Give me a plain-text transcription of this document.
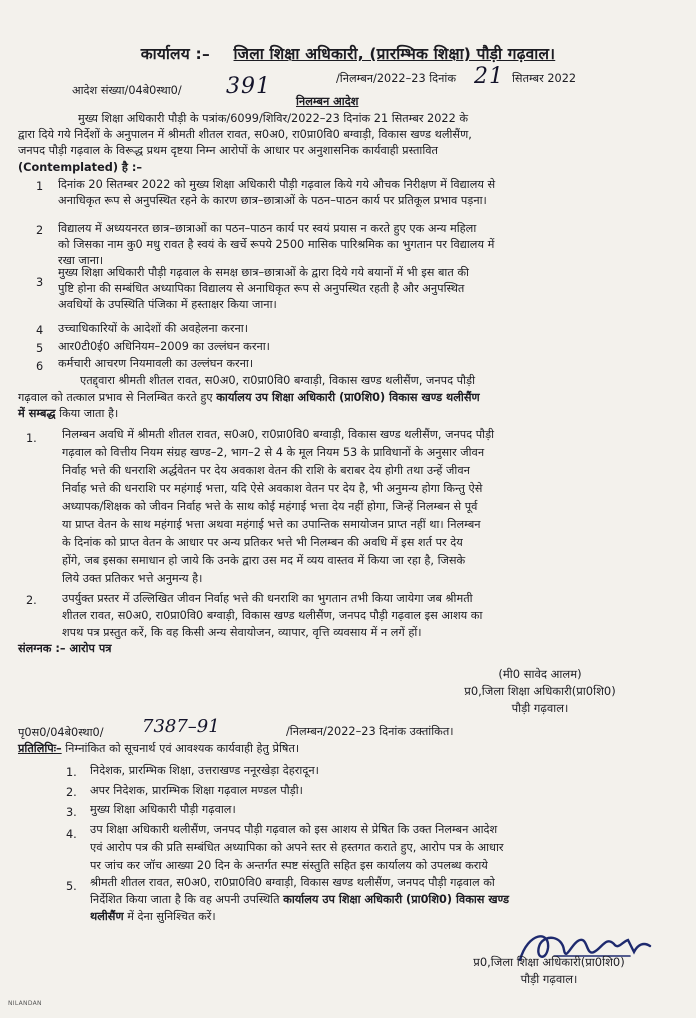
कार्यालय :– जिला शिक्षा अधिकारी, (प्रारम्भिक शिक्षा) पौड़ी गढ़वाल।
आदेश संख्या/04बे0स्था0/ 391	/निलम्बन/2022–23 दिनांक 21 सितम्बर 2022
निलम्बन आदेश
मुख्य शिक्षा अधिकारी पौड़ी के पत्रांक/6099/शिविर/2022–23 दिनांक 21 सितम्बर 2022 के
द्वारा दिये गये निर्देशों के अनुपालन में श्रीमती शीतल रावत, स0अ0, रा0प्रा0वि0 बग्वाड़ी, विकास खण्ड थलीसैंण,
जनपद पौड़ी गढ़वाल के विरूद्ध प्रथम दृष्टया निम्न आरोपों के आधार पर अनुशासनिक कार्यवाही प्रस्तावित
(Contemplated) है :–
1 दिनांक 20 सितम्बर 2022 को मुख्य शिक्षा अधिकारी पौड़ी गढ़वाल किये गये औचक निरीक्षण में विद्यालय से
अनाधिकृत रूप से अनुपस्थित रहने के कारण छात्र–छात्राओं के पठन–पाठन कार्य पर प्रतिकूल प्रभाव पड़ना।
2 विद्यालय में अध्ययनरत छात्र–छात्राओं का पठन–पाठन कार्य पर स्वयं प्रयास न करते हुए एक अन्य महिला
को जिसका नाम कु0 मधु रावत है स्वयं के खर्चे रूपये 2500 मासिक पारिश्रमिक का भुगतान पर विद्यालय में
रखा जाना।
3
मुख्य शिक्षा अधिकारी पौड़ी गढ़वाल के समक्ष छात्र–छात्राओं के द्वारा दिये गये बयानों में भी इस बात की
पुष्टि होना की सम्बंधित अध्यापिका विद्यालय से अनाधिकृत रूप से अनुपस्थित रहती है और अनुपस्थित
अवधियों के उपस्थिति पंजिका में हस्ताक्षर किया जाना।
4 उच्चाधिकारियों के आदेशों की अवहेलना करना।
5 आर0टी0ई0 अधिनियम–2009 का उल्लंघन करना।
6 कर्मचारी आचरण नियमावली का उल्लंघन करना।
एतद्द्वारा श्रीमती शीतल रावत, स0अ0, रा0प्रा0वि0 बग्वाड़ी, विकास खण्ड थलीसैंण, जनपद पौड़ी
गढ़वाल को तत्काल प्रभाव से निलम्बित करते हुए कार्यालय उप शिक्षा अधिकारी (प्रा0शि0) विकास खण्ड थलीसैंण
में सम्बद्ध किया जाता है।
1. निलम्बन अवधि में श्रीमती शीतल रावत, स0अ0, रा0प्रा0वि0 बग्वाड़ी, विकास खण्ड थलीसैंण, जनपद पौड़ी
गढ़वाल को वित्तीय नियम संग्रह खण्ड–2, भाग–2 से 4 के मूल नियम 53 के प्राविधानों के अनुसार जीवन
निर्वाह भत्ते की धनराशि अर्द्धवेतन पर देय अवकाश वेतन की राशि के बराबर देय होगी तथा उन्हें जीवन
निर्वाह भत्ते की धनराशि पर महंगाई भत्ता, यदि ऐसे अवकाश वेतन पर देय है, भी अनुमन्य होगा किन्तु ऐसे
अध्यापक/शिक्षक को जीवन निर्वाह भत्ते के साथ कोई महंगाई भत्ता देय नहीं होगा, जिन्हें निलम्बन से पूर्व
या प्राप्त वेतन के साथ महंगाई भत्ता अथवा महंगाई भत्ते का उपान्तिक समायोजन प्राप्त नहीं था। निलम्बन
के दिनांक को प्राप्त वेतन के आधार पर अन्य प्रतिकर भत्ते भी निलम्बन की अवधि में इस शर्त पर देय
होंगे, जब इसका समाधान हो जाये कि उनके द्वारा उस मद में व्यय वास्तव में किया जा रहा है, जिसके
लिये उक्त प्रतिकर भत्ते अनुमन्य है।
2. उपर्युक्त प्रस्तर में उल्लिखित जीवन निर्वाह भत्ते की धनराशि का भुगतान तभी किया जायेगा जब श्रीमती
शीतल रावत, स0अ0, रा0प्रा0वि0 बग्वाड़ी, विकास खण्ड थलीसैंण, जनपद पौड़ी गढ़वाल इस आशय का
शपथ पत्र प्रस्तुत करें, कि वह किसी अन्य सेवायोजन, व्यापार, वृत्ति व्यवसाय में न लगें हों।
संलग्नक :– आरोप पत्र
(मी0 सावेद आलम)
प्र0,जिला शिक्षा अधिकारी(प्रा0शि0)
पौड़ी गढ़वाल।
पृ0स0/04बे0स्था0/ 7387–91	/निलम्बन/2022–23 दिनांक उक्तांकित।
प्रतिलिपिः– निम्नांकित को सूचनार्थ एवं आवश्यक कार्यवाही हेतु प्रेषित।
1. निदेशक, प्रारम्भिक शिक्षा, उत्तराखण्ड ननूरखेड़ा देहरादून।
2. अपर निदेशक, प्रारम्भिक शिक्षा गढ़वाल मण्डल पौड़ी।
3. मुख्य शिक्षा अधिकारी पौड़ी गढ़वाल।
4. उप शिक्षा अधिकारी थलीसैंण, जनपद पौड़ी गढ़वाल को इस आशय से प्रेषित कि उक्त निलम्बन आदेश
एवं आरोप पत्र की प्रति सम्बंधित अध्यापिका को अपने स्तर से हस्तगत कराते हुए, आरोप पत्र के आधार
पर जांच कर जॉच आख्या 20 दिन के अन्तर्गत स्पष्ट संस्तुति सहित इस कार्यालय को उपलब्ध कराये
5. श्रीमती शीतल रावत, स0अ0, रा0प्रा0वि0 बग्वाड़ी, विकास खण्ड थलीसैंण, जनपद पौड़ी गढ़वाल को
निर्देशित किया जाता है कि वह अपनी उपस्थिति कार्यालय उप शिक्षा अधिकारी (प्रा0शि0) विकास खण्ड
थलीसैंण में देना सुनिश्चित करें।
प्र0,जिला शिक्षा अधिकारी(प्रा0शि0)
पौड़ी गढ़वाल।
NILANDAN
